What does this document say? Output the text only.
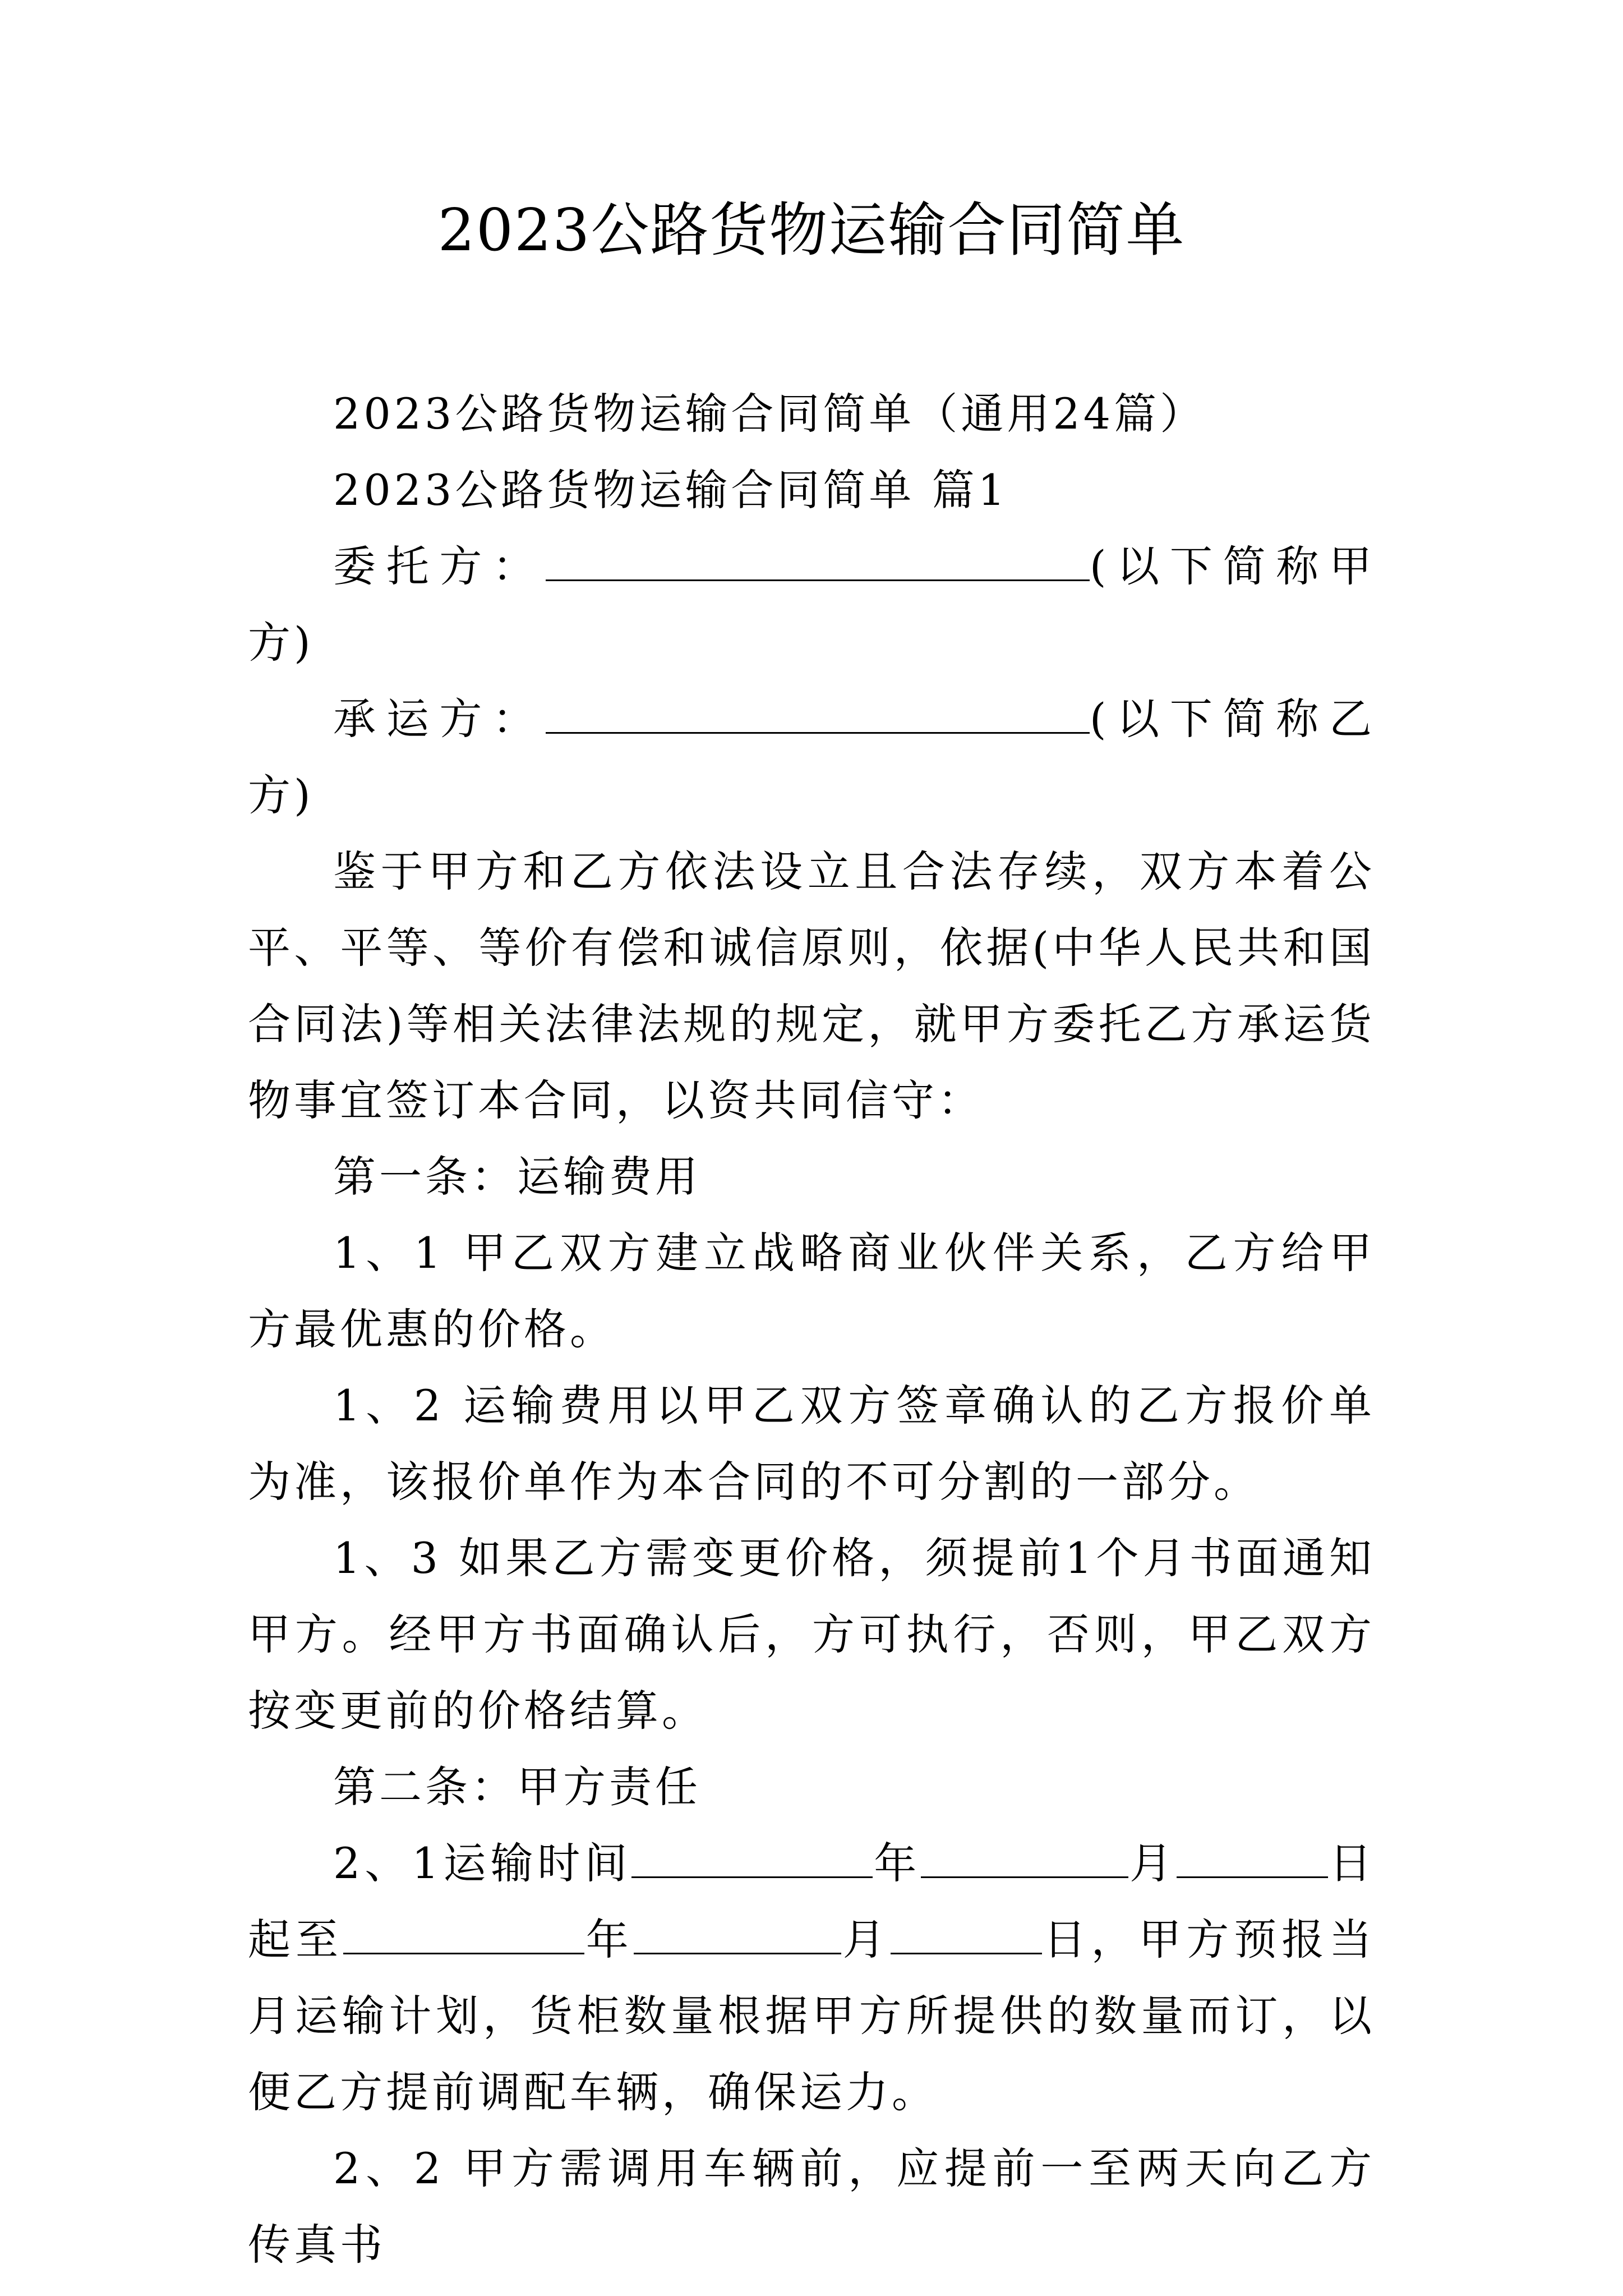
2023公路货物运输合同简单

2023公路货物运输合同简单（通用24篇）

2023公路货物运输合同简单 篇1

委托方：	(以下简称甲方)

承运方：	(以下简称乙方)

鉴于甲方和乙方依法设立且合法存续，双方本着公平、平等、等价有偿和诚信原则，依据(中华人民共和国合同法)等相关法律法规的规定，就甲方委托乙方承运货物事宜签订本合同，以资共同信守：

第一条：运输费用

1、1 甲乙双方建立战略商业伙伴关系，乙方给甲方最优惠的价格。

1、2 运输费用以甲乙双方签章确认的乙方报价单为准，该报价单作为本合同的不可分割的一部分。

1、3 如果乙方需变更价格，须提前1个月书面通知甲方。经甲方书面确认后，方可执行，否则，甲乙双方按变更前的价格结算。

第二条：甲方责任

2、1运输时间	年	月	日起至	年	月	日，甲方预报当月运输计划，货柜数量根据甲方所提供的数量而订，以便乙方提前调配车辆，确保运力。

2、2 甲方需调用车辆前，应提前一至两天向乙方传真书
